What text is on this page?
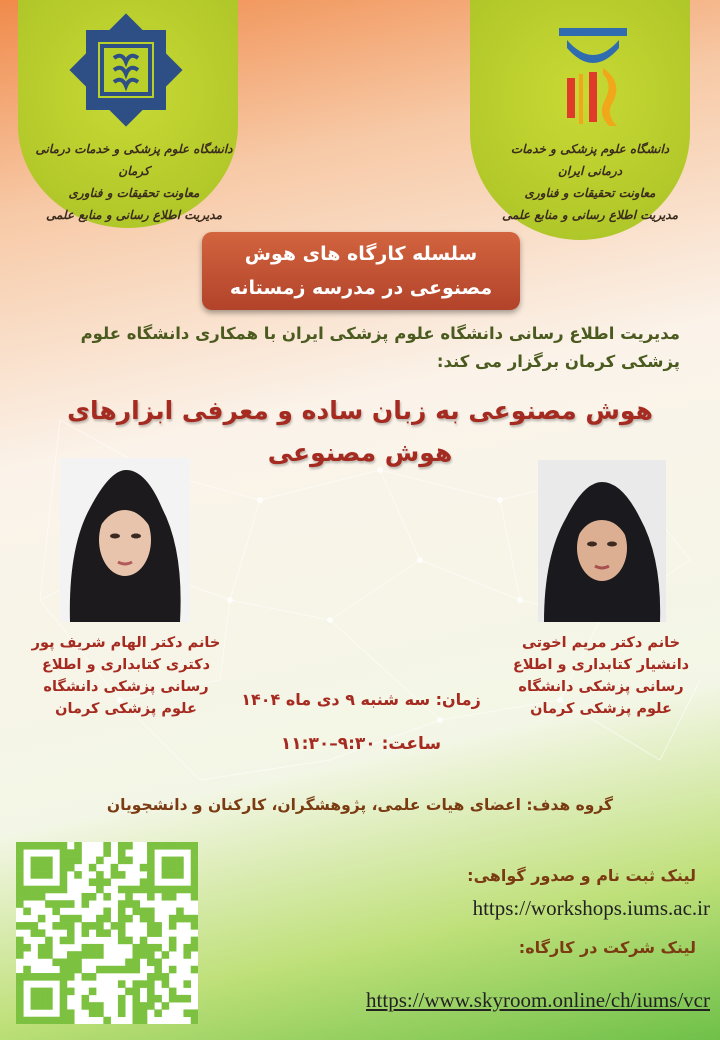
دانشگاه علوم پزشکی و خدمات درمانی کرمان
معاونت تحقیقات و فناوری
مدیریت اطلاع رسانی و منابع علمی
دانشگاه علوم پزشکی و خدمات درمانی ایران
معاونت تحقیقات و فناوری
مدیریت اطلاع رسانی و منابع علمی
سلسله کارگاه های هوش
مصنوعی در مدرسه زمستانه
مدیریت اطلاع رسانی دانشگاه علوم پزشکی ایران با همکاری دانشگاه علوم
پزشکی کرمان برگزار می کند:
هوش مصنوعی به زبان ساده و معرفی ابزارهای
هوش مصنوعی
خانم دکتر الهام شریف پور
دکتری کتابداری و اطلاع
رسانی پزشکی دانشگاه
علوم پزشکی کرمان
خانم دکتر مریم اخوتی
دانشیار کتابداری و اطلاع
رسانی پزشکی دانشگاه
علوم پزشکی کرمان
زمان: سه شنبه ۹ دی ماه ۱۴۰۴
ساعت: ۹:۳۰–۱۱:۳۰
گروه هدف: اعضای هیات علمی، پژوهشگران، کارکنان و دانشجویان
لینک ثبت نام و صدور گواهی:
https://workshops.iums.ac.ir
لینک شرکت در کارگاه:
https://www.skyroom.online/ch/iums/vcr
